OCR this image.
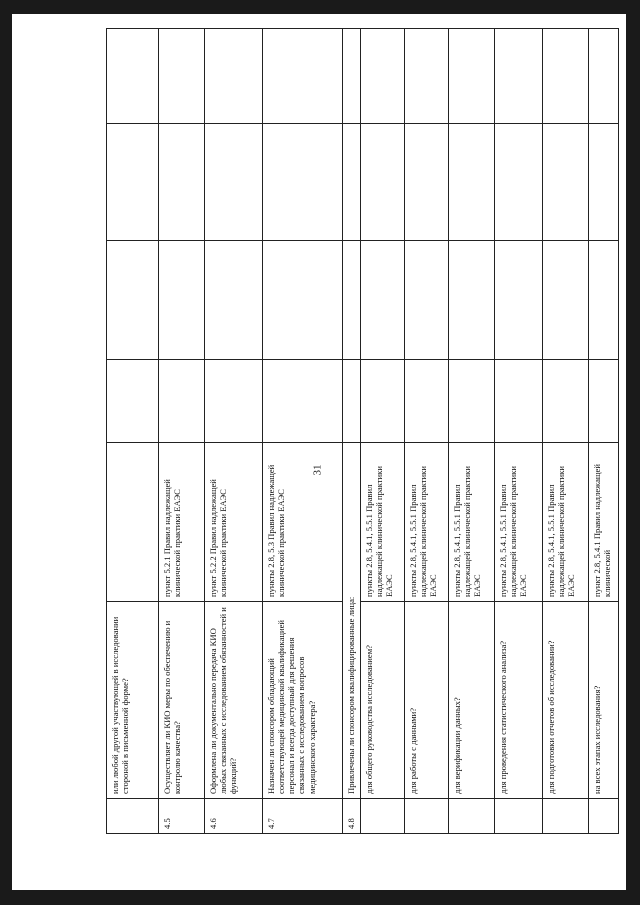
31
	или любой другой участвующей в исследовании стороной в письменной форме?					
4.5	Осуществляет ли КИО меры по обеспечению и контролю качества?	пункт 5.2.1 Правил надлежащей клинической практики ЕАЭС				
4.6	Оформлена ли документально передача КИО любых связанных с исследованием обязанностей и функций?	пункт 5.2.2 Правил надлежащей клинической практики ЕАЭС				
4.7	Назначен ли спонсором обладающий соответствующей медицинской квалификацией персонал и всегда доступный для решения связанных с исследованием вопросов медицинского характера?	пункты 2.8, 5.3 Правил надлежащей клинической практики ЕАЭС				
4.8	Привлечены ли спонсором квалифицированные лица:					
	для общего руководства исследованием?	пункты 2.8, 5.4.1, 5.5.1 Правил надлежащей клинической практики ЕАЭС				
	для работы с данными?	пункты 2.8, 5.4.1, 5.5.1 Правил надлежащей клинической практики ЕАЭС				
	для верификации данных?	пункты 2.8, 5.4.1, 5.5.1 Правил надлежащей клинической практики ЕАЭС				
	для проведения статистического анализа?	пункты 2.8, 5.4.1, 5.5.1 Правил надлежащей клинической практики ЕАЭС				
	для подготовки отчетов об исследовании?	пункты 2.8, 5.4.1, 5.5.1 Правил надлежащей клинической практики ЕАЭС				
	на всех этапах исследования?	пункт 2.8, 5.4.1 Правил надлежащей клинической				
